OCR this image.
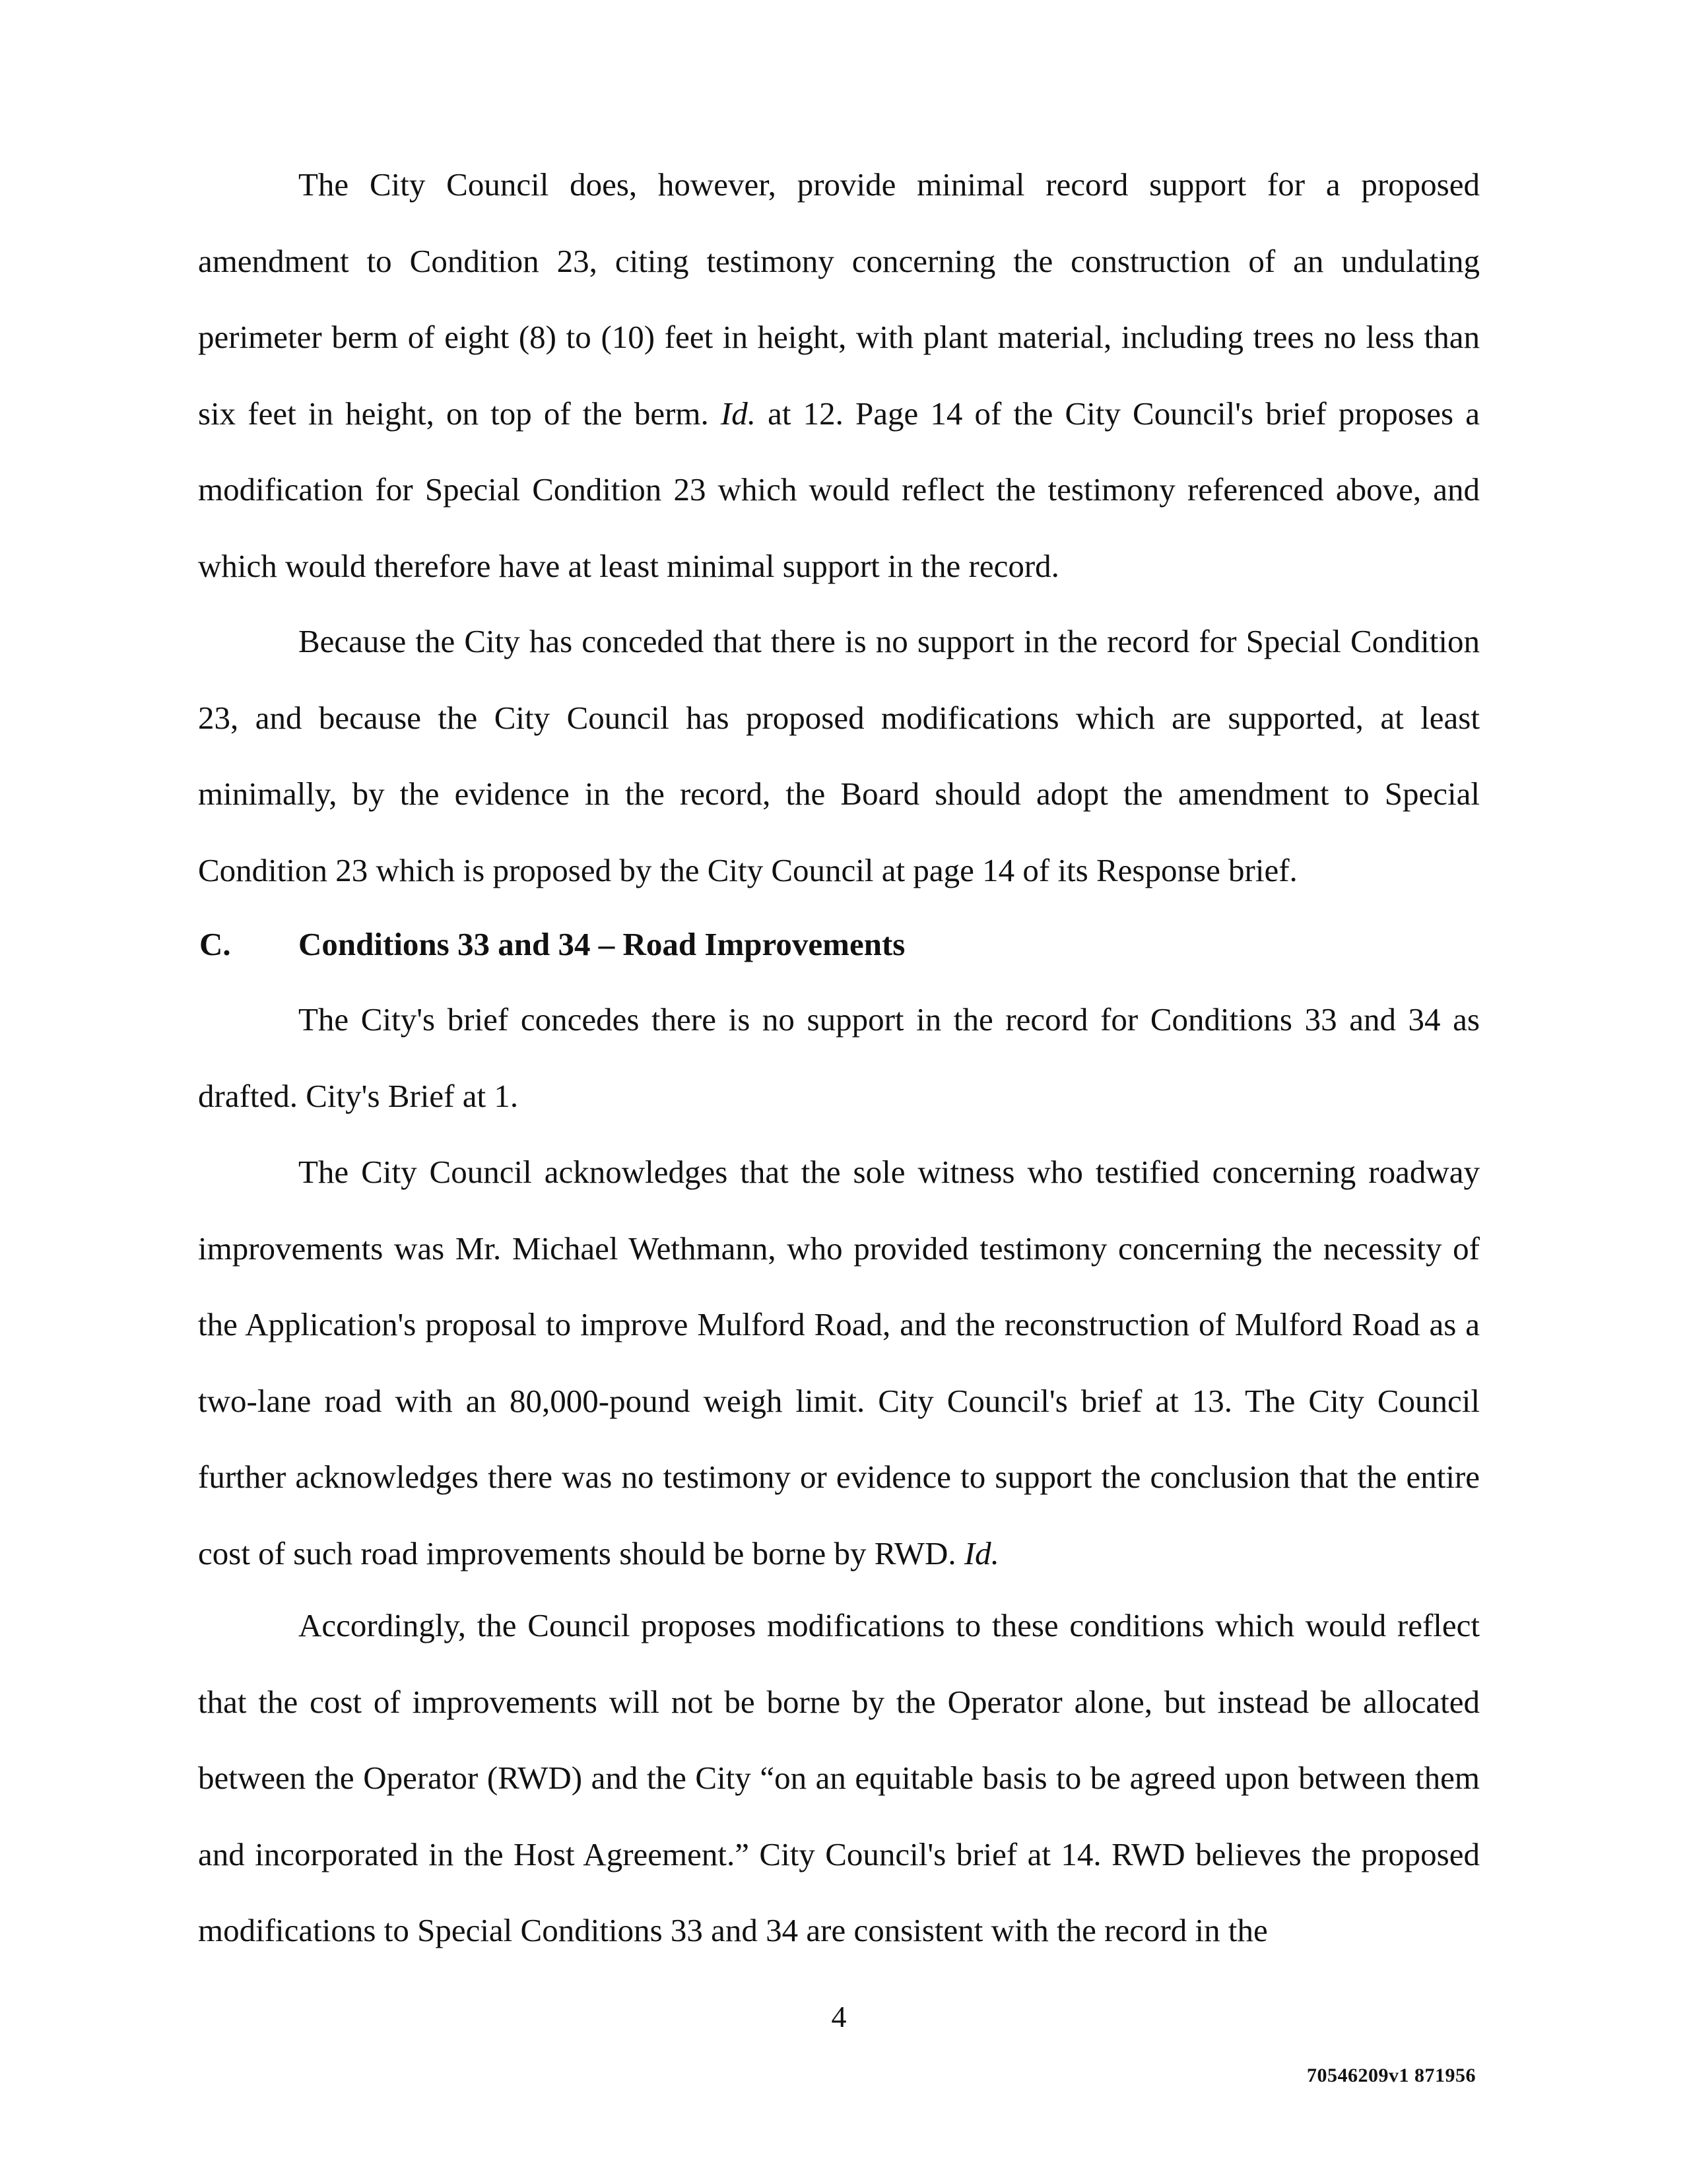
The City Council does, however, provide minimal record support for a proposed amendment to Condition 23, citing testimony concerning the construction of an undulating perimeter berm of eight (8) to (10) feet in height, with plant material, including trees no less than six feet in height, on top of the berm. Id. at 12. Page 14 of the City Council's brief proposes a modification for Special Condition 23 which would reflect the testimony referenced above, and which would therefore have at least minimal support in the record.

Because the City has conceded that there is no support in the record for Special Condition 23, and because the City Council has proposed modifications which are supported, at least minimally, by the evidence in the record, the Board should adopt the amendment to Special Condition 23 which is proposed by the City Council at page 14 of its Response brief.

C. Conditions 33 and 34 – Road Improvements

The City's brief concedes there is no support in the record for Conditions 33 and 34 as drafted. City's Brief at 1.

The City Council acknowledges that the sole witness who testified concerning roadway improvements was Mr. Michael Wethmann, who provided testimony concerning the necessity of the Application's proposal to improve Mulford Road, and the reconstruction of Mulford Road as a two-lane road with an 80,000-pound weigh limit. City Council's brief at 13. The City Council further acknowledges there was no testimony or evidence to support the conclusion that the entire cost of such road improvements should be borne by RWD. Id.

Accordingly, the Council proposes modifications to these conditions which would reflect that the cost of improvements will not be borne by the Operator alone, but instead be allocated between the Operator (RWD) and the City “on an equitable basis to be agreed upon between them and incorporated in the Host Agreement.” City Council's brief at 14. RWD believes the proposed modifications to Special Conditions 33 and 34 are consistent with the record in the

4
70546209v1 871956
